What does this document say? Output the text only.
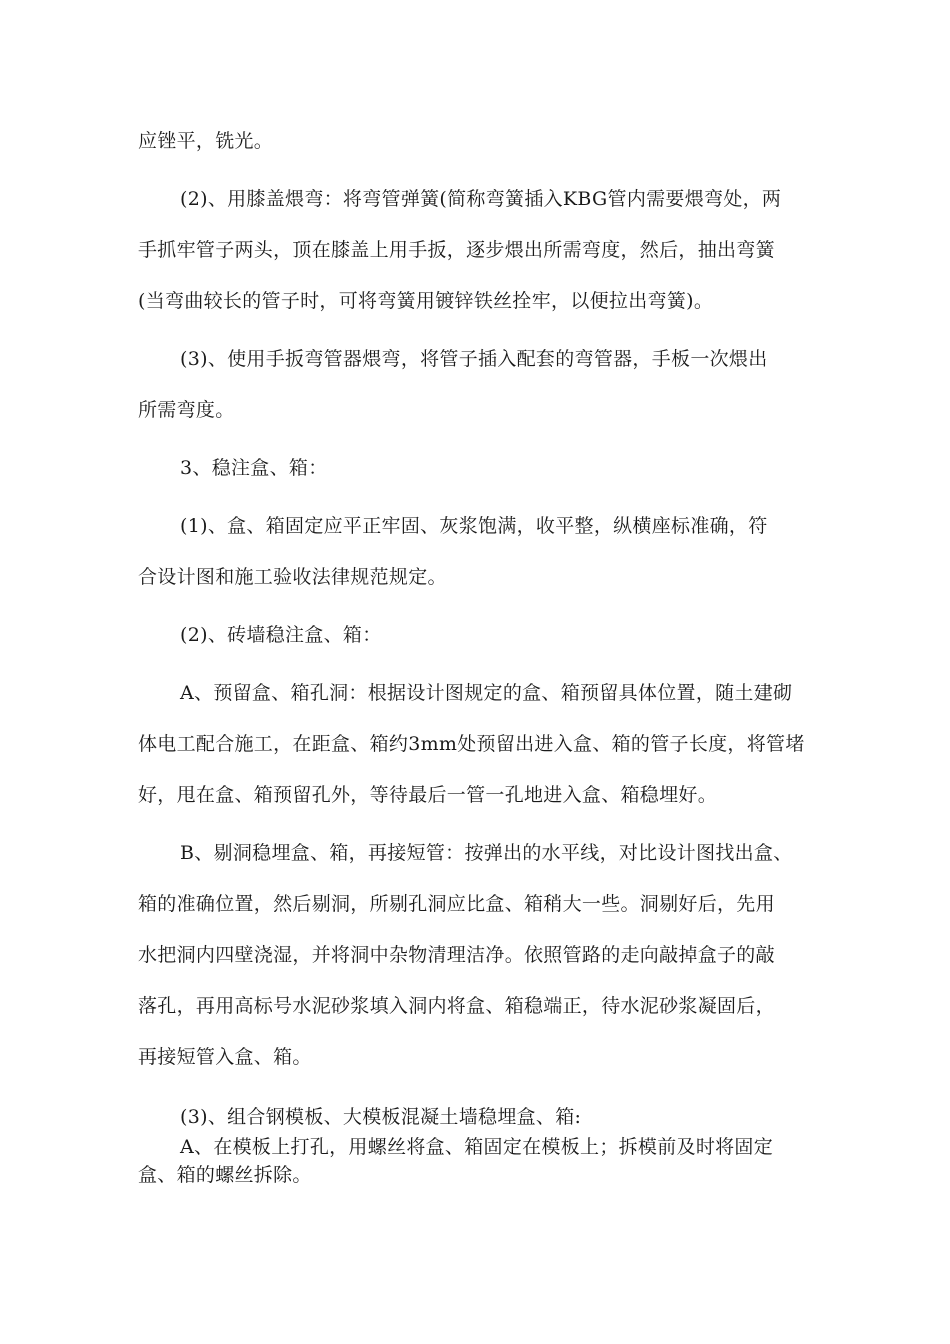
应锉平，铣光。
(2)、用膝盖煨弯：将弯管弹簧(简称弯簧插入KBG管内需要煨弯处，两
手抓牢管子两头，顶在膝盖上用手扳，逐步煨出所需弯度，然后，抽出弯簧
(当弯曲较长的管子时，可将弯簧用镀锌铁丝拴牢，以便拉出弯簧)。
(3)、使用手扳弯管器煨弯，将管子插入配套的弯管器，手板一次煨出
所需弯度。
3、稳注盒、箱：
(1)、盒、箱固定应平正牢固、灰浆饱满，收平整，纵横座标准确，符
合设计图和施工验收法律规范规定。
(2)、砖墙稳注盒、箱：
A、预留盒、箱孔洞：根据设计图规定的盒、箱预留具体位置，随土建砌
体电工配合施工，在距盒、箱约3mm处预留出进入盒、箱的管子长度，将管堵
好，甩在盒、箱预留孔外，等待最后一管一孔地进入盒、箱稳埋好。
B、剔洞稳埋盒、箱，再接短管：按弹出的水平线，对比设计图找出盒、
箱的准确位置，然后剔洞，所剔孔洞应比盒、箱稍大一些。洞剔好后，先用
水把洞内四壁浇湿，并将洞中杂物清理洁净。依照管路的走向敲掉盒子的敲
落孔，再用高标号水泥砂浆填入洞内将盒、箱稳端正，待水泥砂浆凝固后，
再接短管入盒、箱。
(3)、组合钢模板、大模板混凝土墙稳埋盒、箱:
A、在模板上打孔，用螺丝将盒、箱固定在模板上；拆模前及时将固定
盒、箱的螺丝拆除。
